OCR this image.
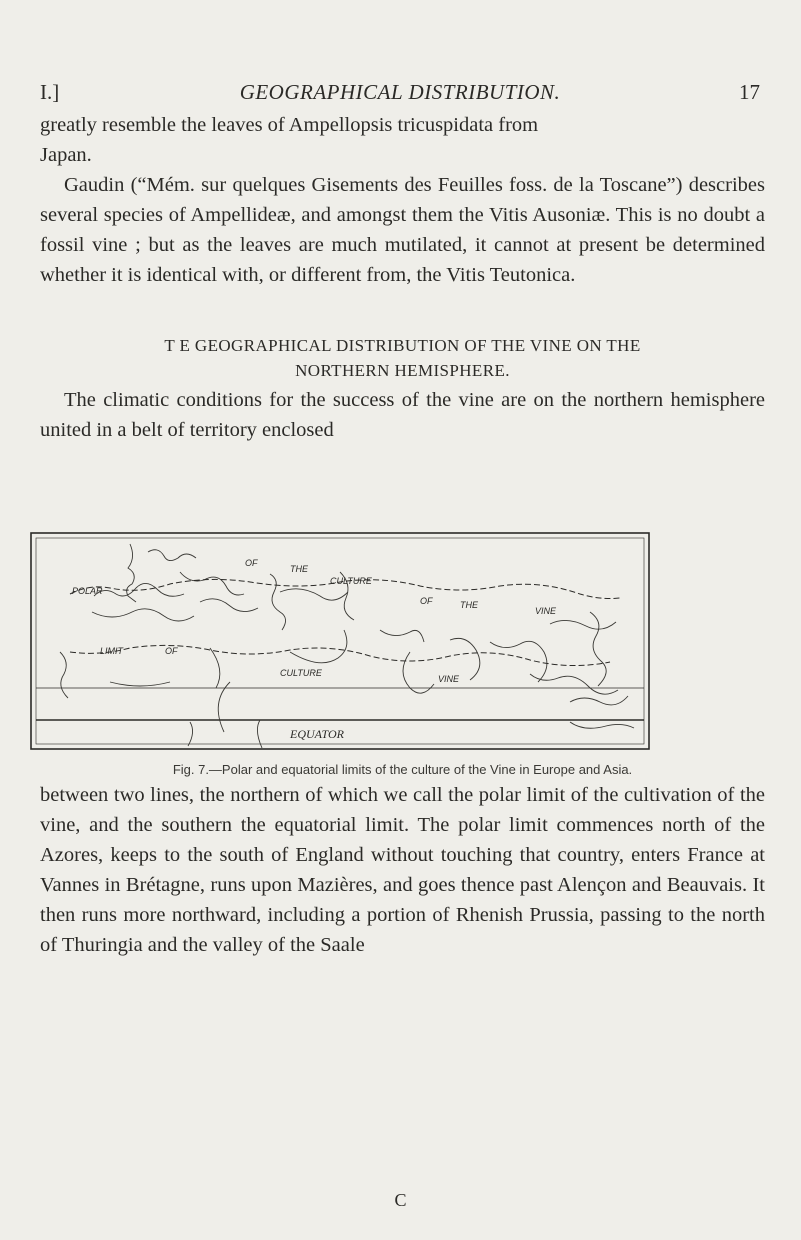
I.]	GEOGRAPHICAL DISTRIBUTION.	17
greatly resemble the leaves of Ampellopsis tricuspidata from
Japan.

Gaudin (“Mém. sur quelques Gisements des Feuilles foss. de la Toscane”) describes several species of Ampellideæ, and amongst them the Vitis Ausoniæ. This is no doubt a fossil vine ; but as the leaves are much mutilated, it cannot at present be determined whether it is identical with, or different from, the Vitis Teutonica.

T E GEOGRAPHICAL DISTRIBUTION OF THE VINE ON THE
NORTHERN HEMISPHERE.

The climatic conditions for the success of the vine are on the northern hemisphere united in a belt of territory enclosed

POLAR
OF
THE
CULTURE
OF	THE
VINE
LIMIT	OF
CULTURE
VINE
EQUATOR
Fig. 7.—Polar and equatorial limits of the culture of the Vine in Europe and Asia.

between two lines, the northern of which we call the polar limit of the cultivation of the vine, and the southern the equatorial limit. The polar limit commences north of the Azores, keeps to the south of England without touching that country, enters France at Vannes in Brétagne, runs upon Mazières, and goes thence past Alençon and Beauvais. It then runs more northward, including a portion of Rhenish Prussia, passing to the north of Thuringia and the valley of the Saale

C
